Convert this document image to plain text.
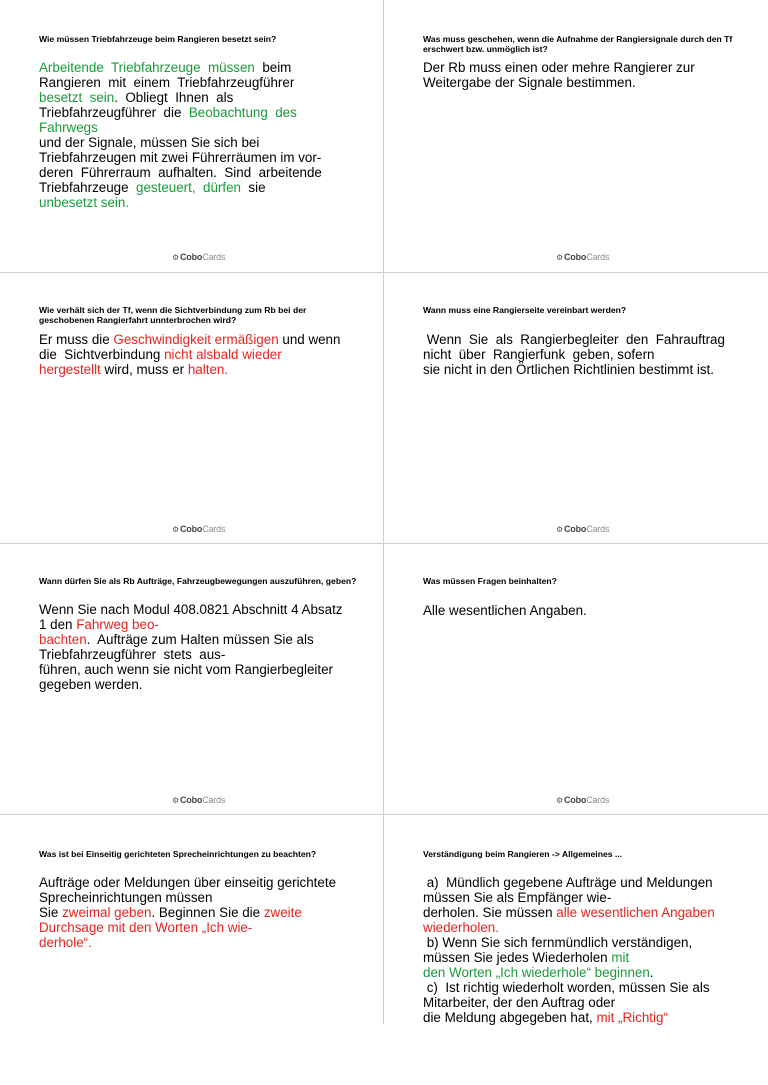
Wie müssen Triebfahrzeuge beim Rangieren besetzt sein?

Arbeitende  Triebfahrzeuge  müssen  beim

Rangieren  mit  einem  Triebfahrzeugführer

besetzt  sein.  Obliegt  Ihnen  als

Triebfahrzeugführer  die  Beobachtung  des

Fahrwegs

und der Signale, müssen Sie sich bei

Triebfahrzeugen mit zwei Führerräumen im vor-

deren  Führerraum  aufhalten.  Sind  arbeitende

Triebfahrzeuge  gesteuert,  dürfen  sie

unbesetzt sein.

⚙CoboCards
Was muss geschehen, wenn die Aufnahme der Rangiersignale durch den Tf erschwert bzw. unmöglich ist?

Der Rb muss einen oder mehre Rangierer zur

Weitergabe der Signale bestimmen.

⚙CoboCards
Wie verhält sich der Tf, wenn die Sichtverbindung zum Rb bei der geschobenen Rangierfahrt unnterbrochen wird?

Er muss die Geschwindigkeit ermäßigen und wenn

die  Sichtverbindung nicht alsbald wieder

hergestellt wird, muss er halten.

⚙CoboCards
Wann muss eine Rangierseite vereinbart werden?

Wenn  Sie  als  Rangierbegleiter  den  Fahrauftrag

nicht  über  Rangierfunk  geben, sofern

sie nicht in den Örtlichen Richtlinien bestimmt ist.

⚙CoboCards
Wann dürfen Sie als Rb Aufträge, Fahrzeugbewegungen auszuführen, geben?

Wenn Sie nach Modul 408.0821 Abschnitt 4 Absatz

1 den Fahrweg beo-

bachten.  Aufträge zum Halten müssen Sie als

Triebfahrzeugführer  stets  aus-

führen, auch wenn sie nicht vom Rangierbegleiter

gegeben werden.

⚙CoboCards
Was müssen Fragen beinhalten?

Alle wesentlichen Angaben.

⚙CoboCards
Was ist bei Einseitig gerichteten Sprecheinrichtungen zu beachten?

Aufträge oder Meldungen über einseitig gerichtete

Sprecheinrichtungen müssen

Sie zweimal geben. Beginnen Sie die zweite

Durchsage mit den Worten „Ich wie-

derhole“.

Verständigung beim Rangieren -> Allgemeines ...

a)  Mündlich gegebene Aufträge und Meldungen

müssen Sie als Empfänger wie-

derholen. Sie müssen alle wesentlichen Angaben

wiederholen.

b) Wenn Sie sich fernmündlich verständigen,

müssen Sie jedes Wiederholen mit

den Worten „Ich wiederhole“ beginnen.

c)  Ist richtig wiederholt worden, müssen Sie als

Mitarbeiter, der den Auftrag oder

die Meldung abgegeben hat, mit „Richtig“
